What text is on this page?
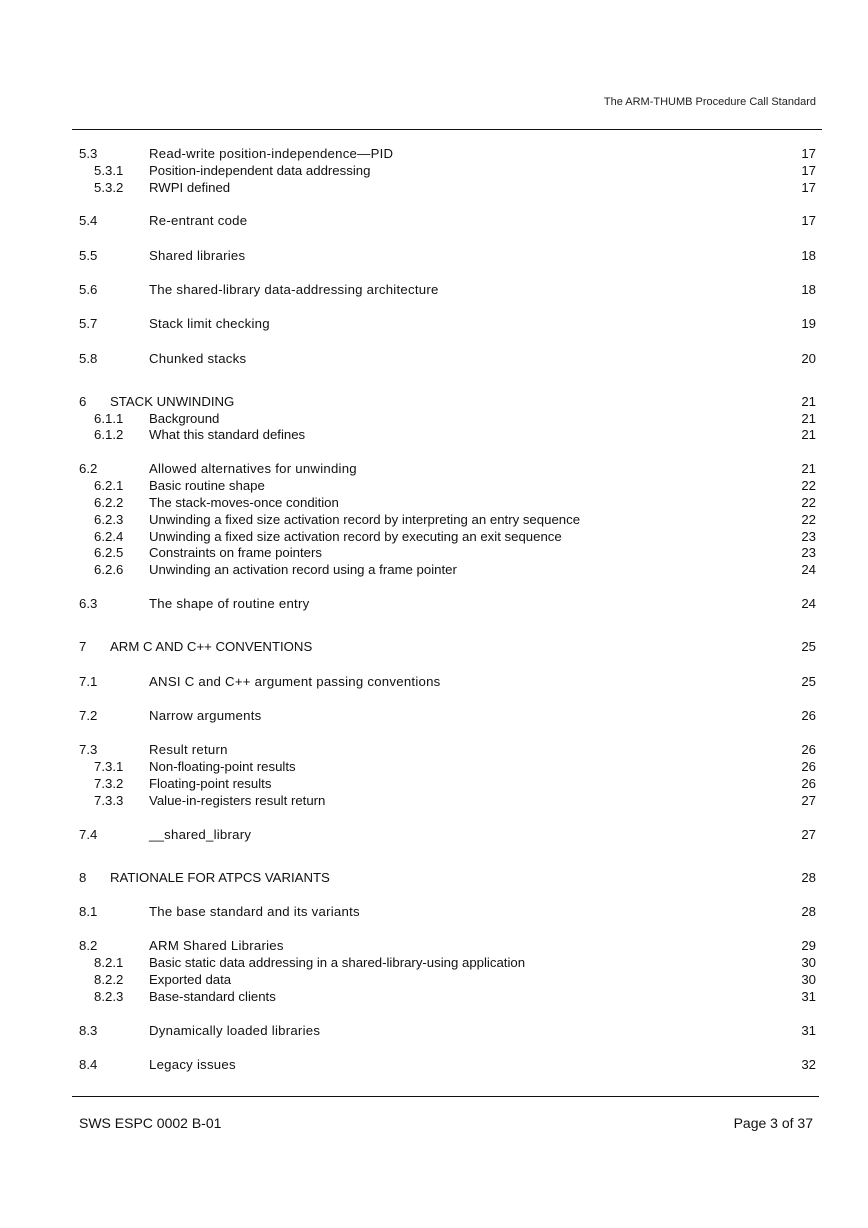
The ARM-THUMB Procedure Call Standard
5.3	Read-write position-independence—PID	17
5.3.1 Position-independent data addressing	17
5.3.2 RWPI defined	17
5.4	Re-entrant code	17
5.5	Shared libraries	18
5.6	The shared-library data-addressing architecture	18
5.7	Stack limit checking	19
5.8	Chunked stacks	20
6 STACK UNWINDING	21
6.1.1 Background	21
6.1.2 What this standard defines	21
6.2	Allowed alternatives for unwinding	21
6.2.1 Basic routine shape	22
6.2.2 The stack-moves-once condition	22
6.2.3 Unwinding a fixed size activation record by interpreting an entry sequence	22
6.2.4 Unwinding a fixed size activation record by executing an exit sequence	23
6.2.5 Constraints on frame pointers	23
6.2.6 Unwinding an activation record using a frame pointer	24
6.3	The shape of routine entry	24
7 ARM C AND C++ CONVENTIONS	25
7.1	ANSI C and C++ argument passing conventions	25
7.2	Narrow arguments	26
7.3	Result return	26
7.3.1 Non-floating-point results	26
7.3.2 Floating-point results	26
7.3.3 Value-in-registers result return	27
7.4	__shared_library	27
8 RATIONALE FOR ATPCS VARIANTS	28
8.1	The base standard and its variants	28
8.2	ARM Shared Libraries	29
8.2.1 Basic static data addressing in a shared-library-using application	30
8.2.2 Exported data	30
8.2.3 Base-standard clients	31
8.3	Dynamically loaded libraries	31
8.4	Legacy issues	32
SWS ESPC 0002 B-01	Page 3 of 37
